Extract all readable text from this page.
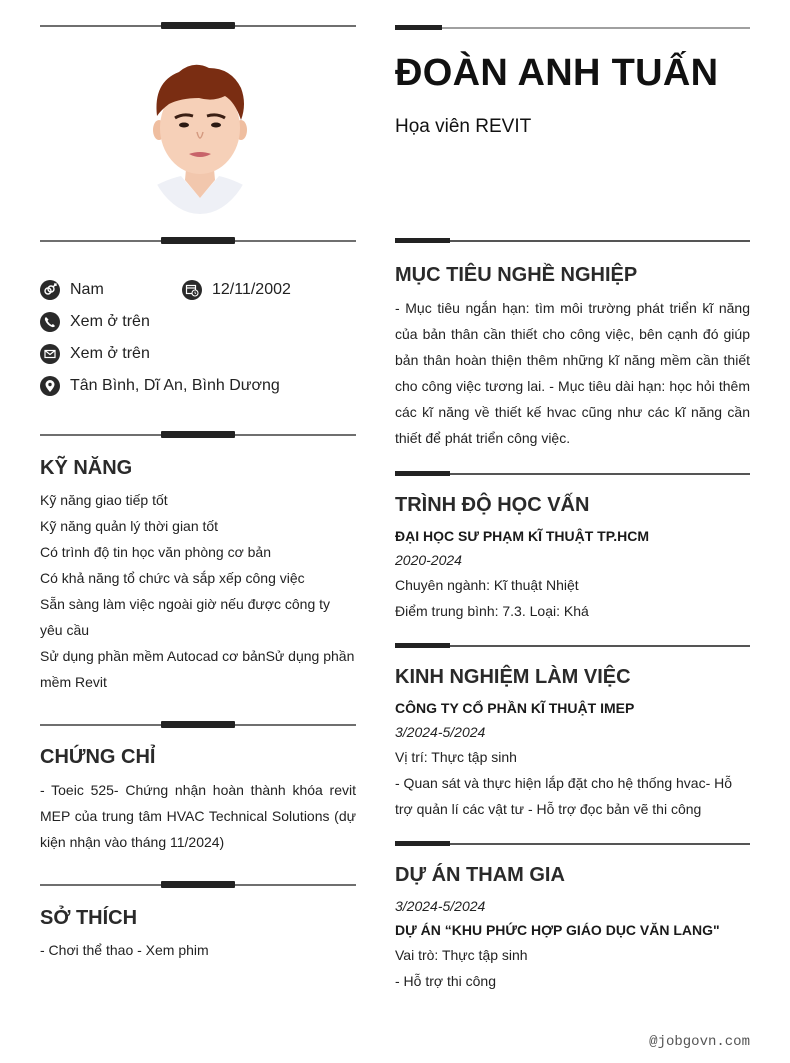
Nam	12/11/2002
Xem ở trên
Xem ở trên
Tân Bình, Dĩ An, Bình Dương
KỸ NĂNG
Kỹ năng giao tiếp tốt
Kỹ năng quản lý thời gian tốt
Có trình độ tin học văn phòng cơ bản
Có khả năng tổ chức và sắp xếp công việc
Sẵn sàng làm việc ngoài giờ nếu được công ty yêu cầu
Sử dụng phần mềm Autocad cơ bảnSử dụng phần mềm Revit
CHỨNG CHỈ
- Toeic 525- Chứng nhận hoàn thành khóa revit MEP của trung tâm HVAC Technical Solutions (dự kiện nhận vào tháng 11/2024)
SỞ THÍCH
- Chơi thể thao - Xem phim
ĐOÀN ANH TUẤN
Họa viên REVIT
MỤC TIÊU NGHỀ NGHIỆP
- Mục tiêu ngắn hạn: tìm môi trường phát triển kĩ năng của bản thân cần thiết cho công việc, bên cạnh đó giúp bản thân hoàn thiện thêm những kĩ năng mềm cần thiết cho công việc tương lai. - Mục tiêu dài hạn: học hỏi thêm các kĩ năng về thiết kế hvac cũng như các kĩ năng cần thiết để phát triển công việc.
TRÌNH ĐỘ HỌC VẤN
ĐẠI HỌC SƯ PHẠM KĨ THUẬT TP.HCM
2020-2024
Chuyên ngành: Kĩ thuật Nhiệt
Điểm trung bình: 7.3. Loại: Khá
KINH NGHIỆM LÀM VIỆC
CÔNG TY CỔ PHẦN KĨ THUẬT IMEP
3/2024-5/2024
Vị trí: Thực tập sinh
- Quan sát và thực hiện lắp đặt cho hệ thống hvac- Hỗ trợ quản lí các vật tư - Hỗ trợ đọc bản vẽ thi công
DỰ ÁN THAM GIA
3/2024-5/2024
DỰ ÁN “KHU PHỨC HỢP GIÁO DỤC VĂN LANG"
Vai trò: Thực tập sinh
- Hỗ trợ thi công
@jobgovn.com
